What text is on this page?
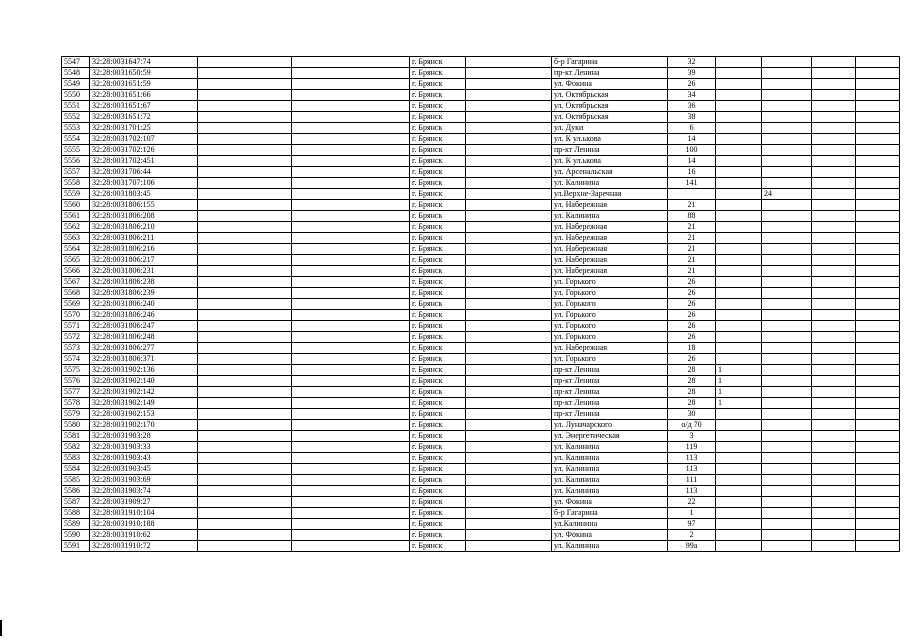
5547	32:28:0031647:74			г. Брянск		б-р Гагарина	32				
5548	32:28:0031650:59			г. Брянск		пр-кт Ленина	39				
5549	32:28:0031651:59			г. Брянск		ул. Фокина	26				
5550	32:28:0031651:66			г. Брянск		ул. Октябрьская	34				
5551	32:28:0031651:67			г. Брянск		ул. Октябрьская	36				
5552	32:28:0031651:72			г. Брянск		ул. Октябрьская	38				
5553	32:28:0031701:25			г. Брянск		ул. Дуки	6				
5554	32:28:0031702:107			г. Брянск		ул. К ул.ькова	14				
5555	32:28:0031702:126			г. Брянск		пр-кт Ленина	100				
5556	32:28:0031702:451			г. Брянск		ул. К ул.ькова	14				
5557	32:28:0031706:44			г. Брянск		ул. Арсенальская	16				
5558	32:28:0031707:106			г. Брянск		ул. Калинина	141				
5559	32:28:0031803:45			г. Брянск		ул.Верхне-Заречная			24		
5560	32:28:0031806:155			г. Брянск		ул. Набережная	21				
5561	32:28:0031806:208			г. Брянск		ул. Калинина	88				
5562	32:28:0031806:210			г. Брянск		ул. Набережная	21				
5563	32:28:0031806:211			г. Брянск		ул. Набережная	21				
5564	32:28:0031806:216			г. Брянск		ул. Набережная	21				
5565	32:28:0031806:217			г. Брянск		ул. Набережная	21				
5566	32:28:0031806:231			г. Брянск		ул. Набережная	21				
5567	32:28:0031806:238			г. Брянск		ул. Горького	26				
5568	32:28:0031806:239			г. Брянск		ул. Горького	26				
5569	32:28:0031806:240			г. Брянск		ул. Горького	26				
5570	32:28:0031806:246			г. Брянск		ул. Горького	26				
5571	32:28:0031806:247			г. Брянск		ул. Горького	26				
5572	32:28:0031806:248			г. Брянск		ул. Горького	26				
5573	32:28:0031806:277			г. Брянск		ул. Набережная	18				
5574	32:28:0031806:371			г. Брянск		ул. Горького	26				
5575	32:28:0031902:136			г. Брянск		пр-кт Ленина	28	1			
5576	32:28:0031902:140			г. Брянск		пр-кт Ленина	28	1			
5577	32:28:0031902:142			г. Брянск		пр-кт Ленина	28	1			
5578	32:28:0031902:149			г. Брянск		пр-кт Ленина	28	1			
5579	32:28:0031902:153			г. Брянск		пр-кт Ленина	30				
5580	32:28:0031902:170			г. Брянск		ул. Луначарского	о/д 70				
5581	32:28:0031903:28			г. Брянск		ул. Энергетическая	3				
5582	32:28:0031903:33			г. Брянск		ул. Калинина	119				
5583	32:28:0031903:43			г. Брянск		ул. Калинина	113				
5584	32:28:0031903:45			г. Брянск		ул. Калинина	113				
5585	32:28:0031903:69			г. Брянск		ул. Калинина	111				
5586	32:28:0031903:74			г. Брянск		ул. Калинина	113				
5587	32:28:0031909:27			г. Брянск		ул. Фокина	22				
5588	32:28:0031910:104			г. Брянск		б-р Гагарина	1				
5589	32:28:0031910:188			г. Брянск		ул.Калинина	97				
5590	32:28:0031910:62			г. Брянск		ул. Фокина	2				
5591	32:28:0031910:72			г. Брянск		ул. Калинина	99а				
